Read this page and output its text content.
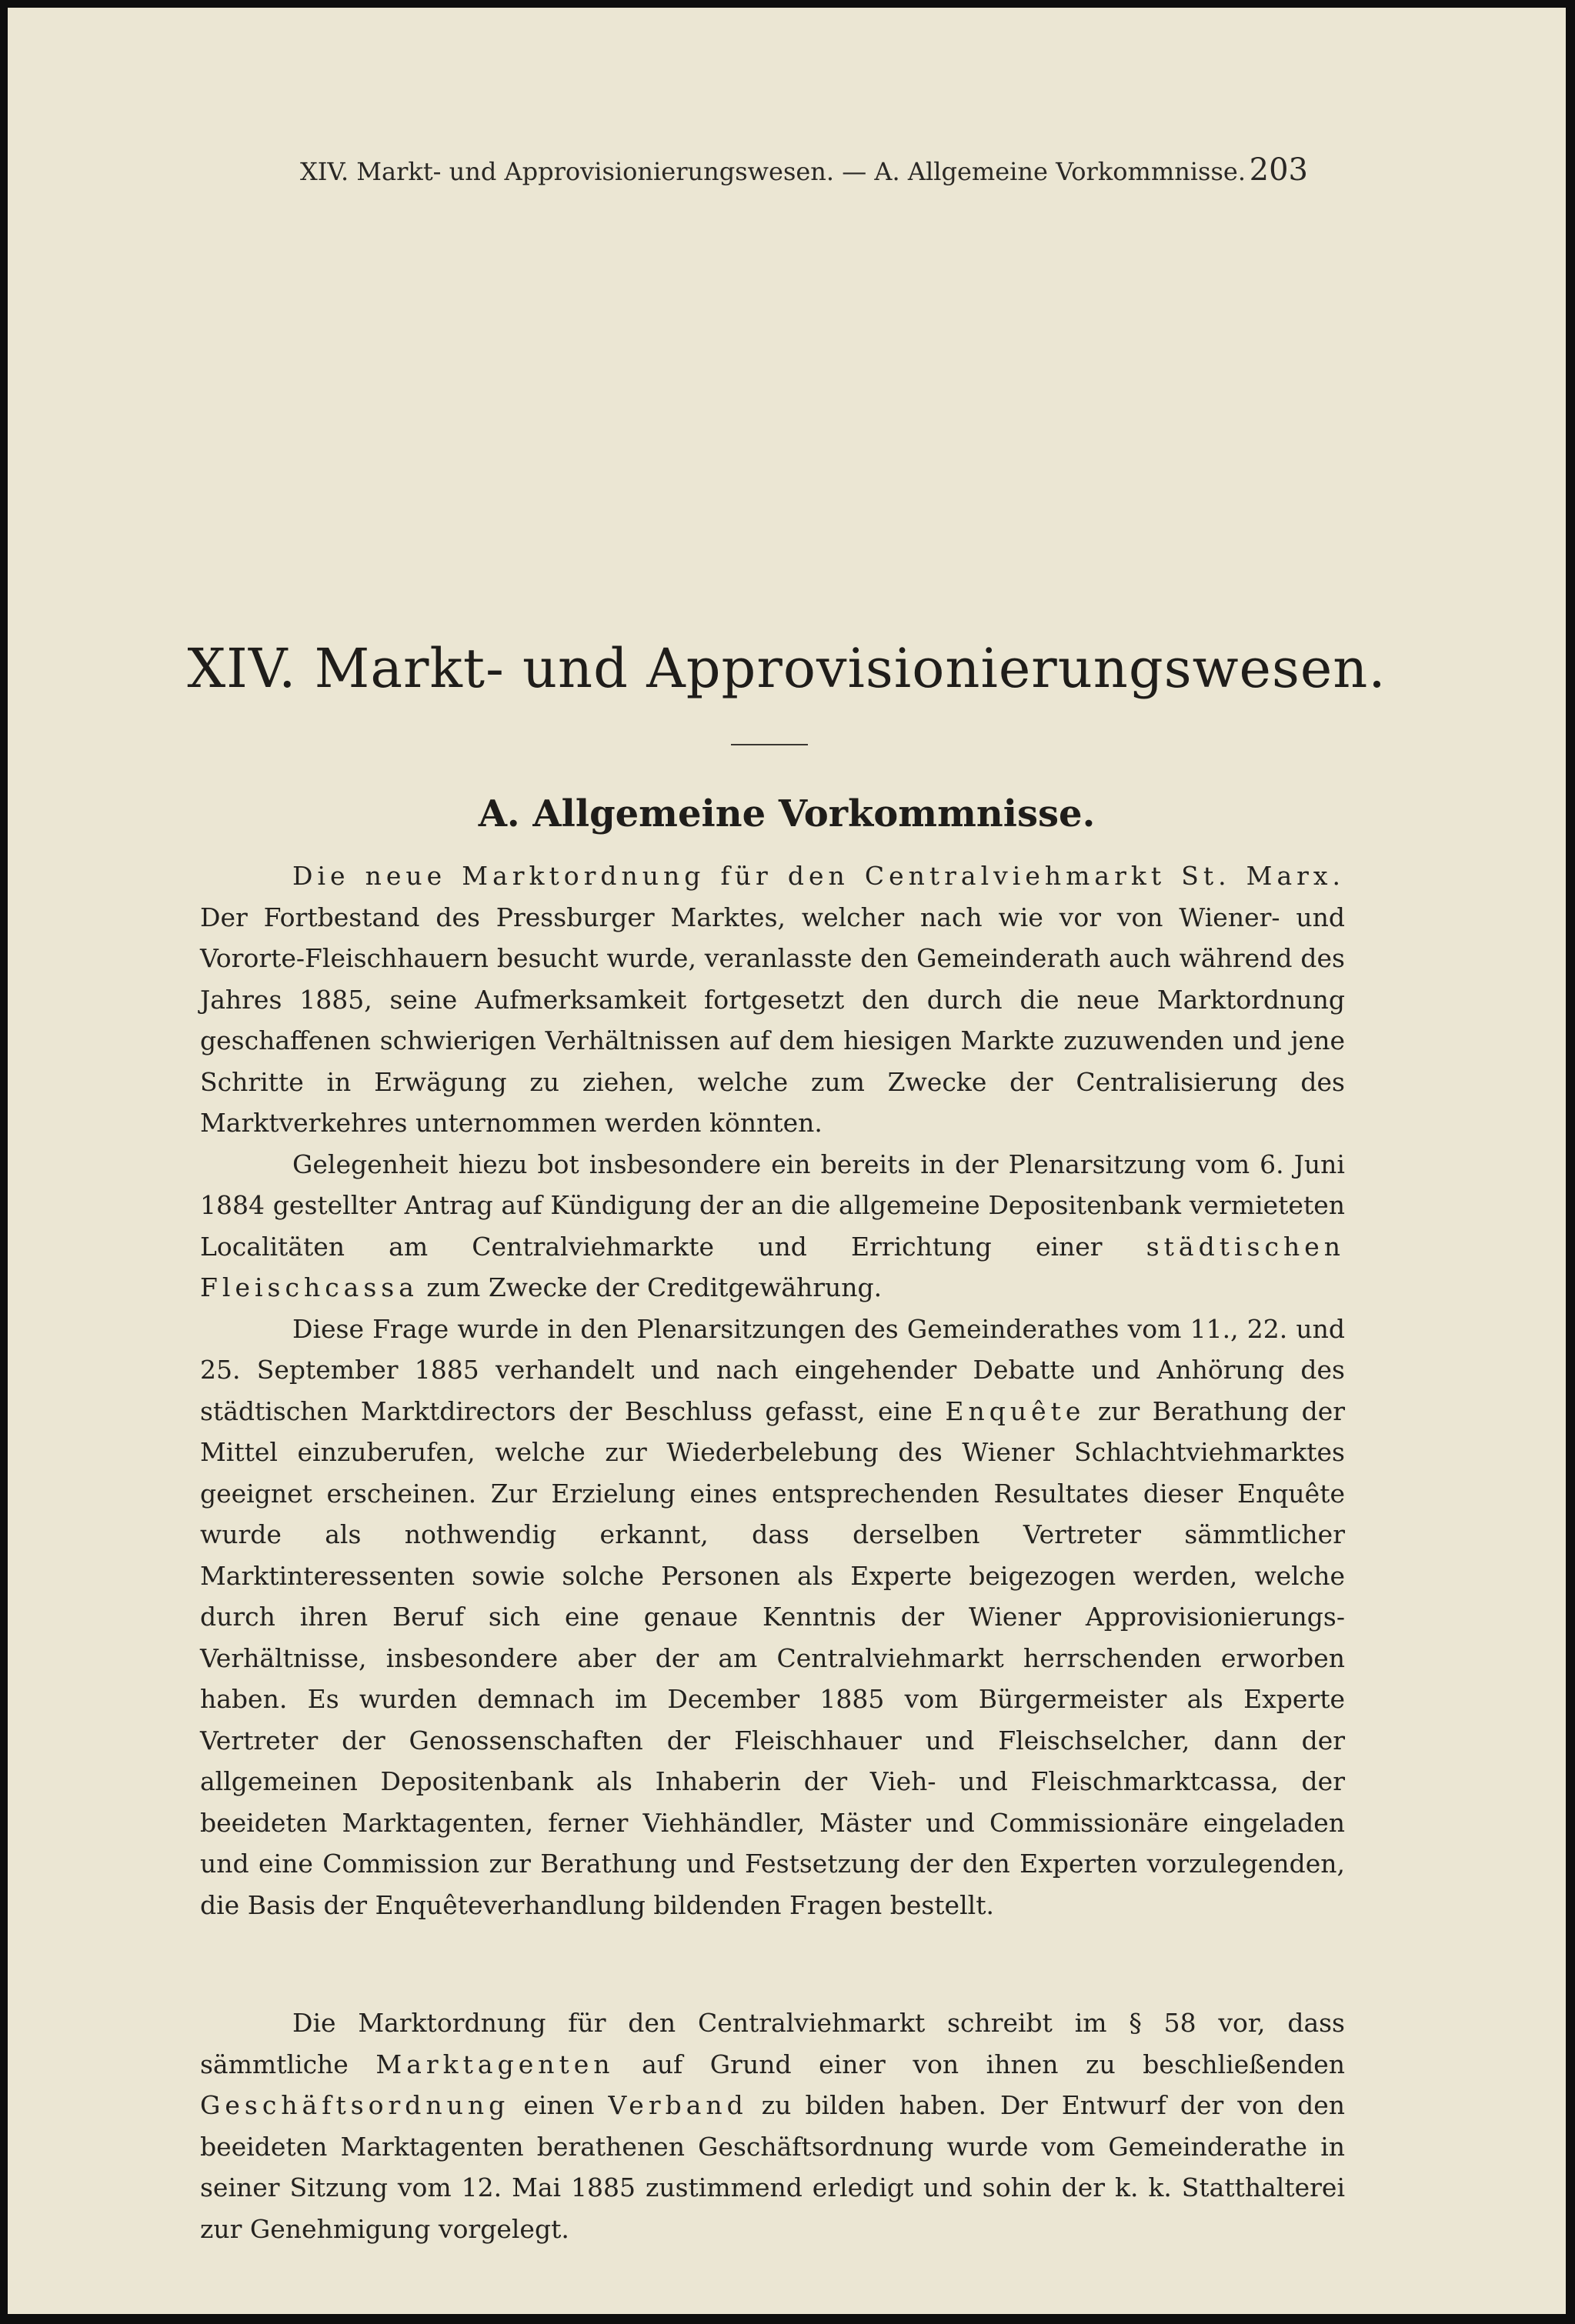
XIV. Markt- und Approvisionierungswesen. — A. Allgemeine Vorkommnisse. 203
XIV. Markt- und Approvisionierungswesen.
A. Allgemeine Vorkommnisse.

Die neue Marktordnung für den Centralviehmarkt St. Marx. Der Fortbestand des Pressburger Marktes, welcher nach wie vor von Wiener- und Vororte-Fleischhauern besucht wurde, veranlasste den Gemeinderath auch während des Jahres 1885, seine Aufmerksamkeit fortgesetzt den durch die neue Marktordnung geschaffenen schwierigen Verhältnissen auf dem hiesigen Markte zuzuwenden und jene Schritte in Erwägung zu ziehen, welche zum Zwecke der Centralisierung des Marktverkehres unternommen werden könnten.

Gelegenheit hiezu bot insbesondere ein bereits in der Plenarsitzung vom 6. Juni 1884 gestellter Antrag auf Kündigung der an die allgemeine Depositenbank vermieteten Localitäten am Centralviehmarkte und Errichtung einer städtischen Fleischcassa zum Zwecke der Creditgewährung.

Diese Frage wurde in den Plenarsitzungen des Gemeinderathes vom 11., 22. und 25. September 1885 verhandelt und nach eingehender Debatte und Anhörung des städtischen Marktdirectors der Beschluss gefasst, eine Enquête zur Berathung der Mittel einzuberufen, welche zur Wiederbelebung des Wiener Schlachtviehmarktes geeignet erscheinen. Zur Erzielung eines entsprechenden Resultates dieser Enquête wurde als nothwendig erkannt, dass derselben Vertreter sämmtlicher Marktinteressenten sowie solche Personen als Experte beigezogen werden, welche durch ihren Beruf sich eine genaue Kenntnis der Wiener Approvisionierungs-Verhältnisse, insbesondere aber der am Centralviehmarkt herrschenden erworben haben. Es wurden demnach im December 1885 vom Bürgermeister als Experte Vertreter der Genossenschaften der Fleischhauer und Fleischselcher, dann der allgemeinen Depositenbank als Inhaberin der Vieh- und Fleischmarktcassa, der beeideten Marktagenten, ferner Viehhändler, Mäster und Commissionäre eingeladen und eine Commission zur Berathung und Festsetzung der den Experten vorzulegenden, die Basis der Enquêteverhandlung bildenden Fragen bestellt.

Die Marktordnung für den Centralviehmarkt schreibt im § 58 vor, dass sämmtliche Marktagenten auf Grund einer von ihnen zu beschließenden Geschäftsordnung einen Verband zu bilden haben. Der Entwurf der von den beeideten Marktagenten berathenen Geschäftsordnung wurde vom Gemeinderathe in seiner Sitzung vom 12. Mai 1885 zustimmend erledigt und sohin der k. k. Statthalterei zur Genehmigung vorgelegt.
